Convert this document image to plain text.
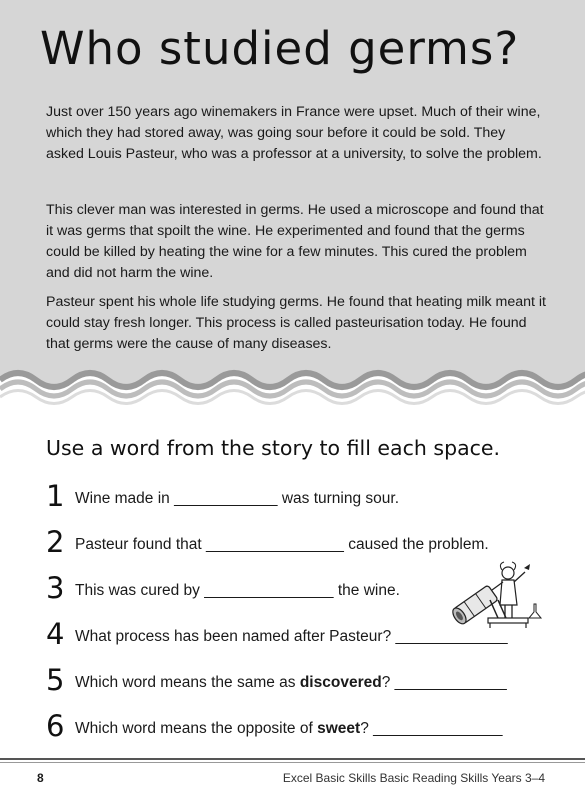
Who studied germs?

Just over 150 years ago winemakers in France were upset. Much of their wine, which they had stored away, was going sour before it could be sold. They asked Louis Pasteur, who was a professor at a university, to solve the problem.

This clever man was interested in germs. He used a microscope and found that it was germs that spoilt the wine. He experimented and found that the germs could be killed by heating the wine for a few minutes. This cured the problem and did not harm the wine.

Pasteur spent his whole life studying germs. He found that heating milk meant it could stay fresh longer. This process is called pasteurisation today. He found that germs were the cause of many diseases.

Use a word from the story to fill each space.
1 Wine made in ____________ was turning sour.
2 Pasteur found that ________________ caused the problem.
3 This was cured by _______________ the wine.
4 What process has been named after Pasteur? _____________
5 Which word means the same as discovered? _____________
6 Which word means the opposite of sweet? _______________
8	Excel Basic Skills Basic Reading Skills Years 3–4
